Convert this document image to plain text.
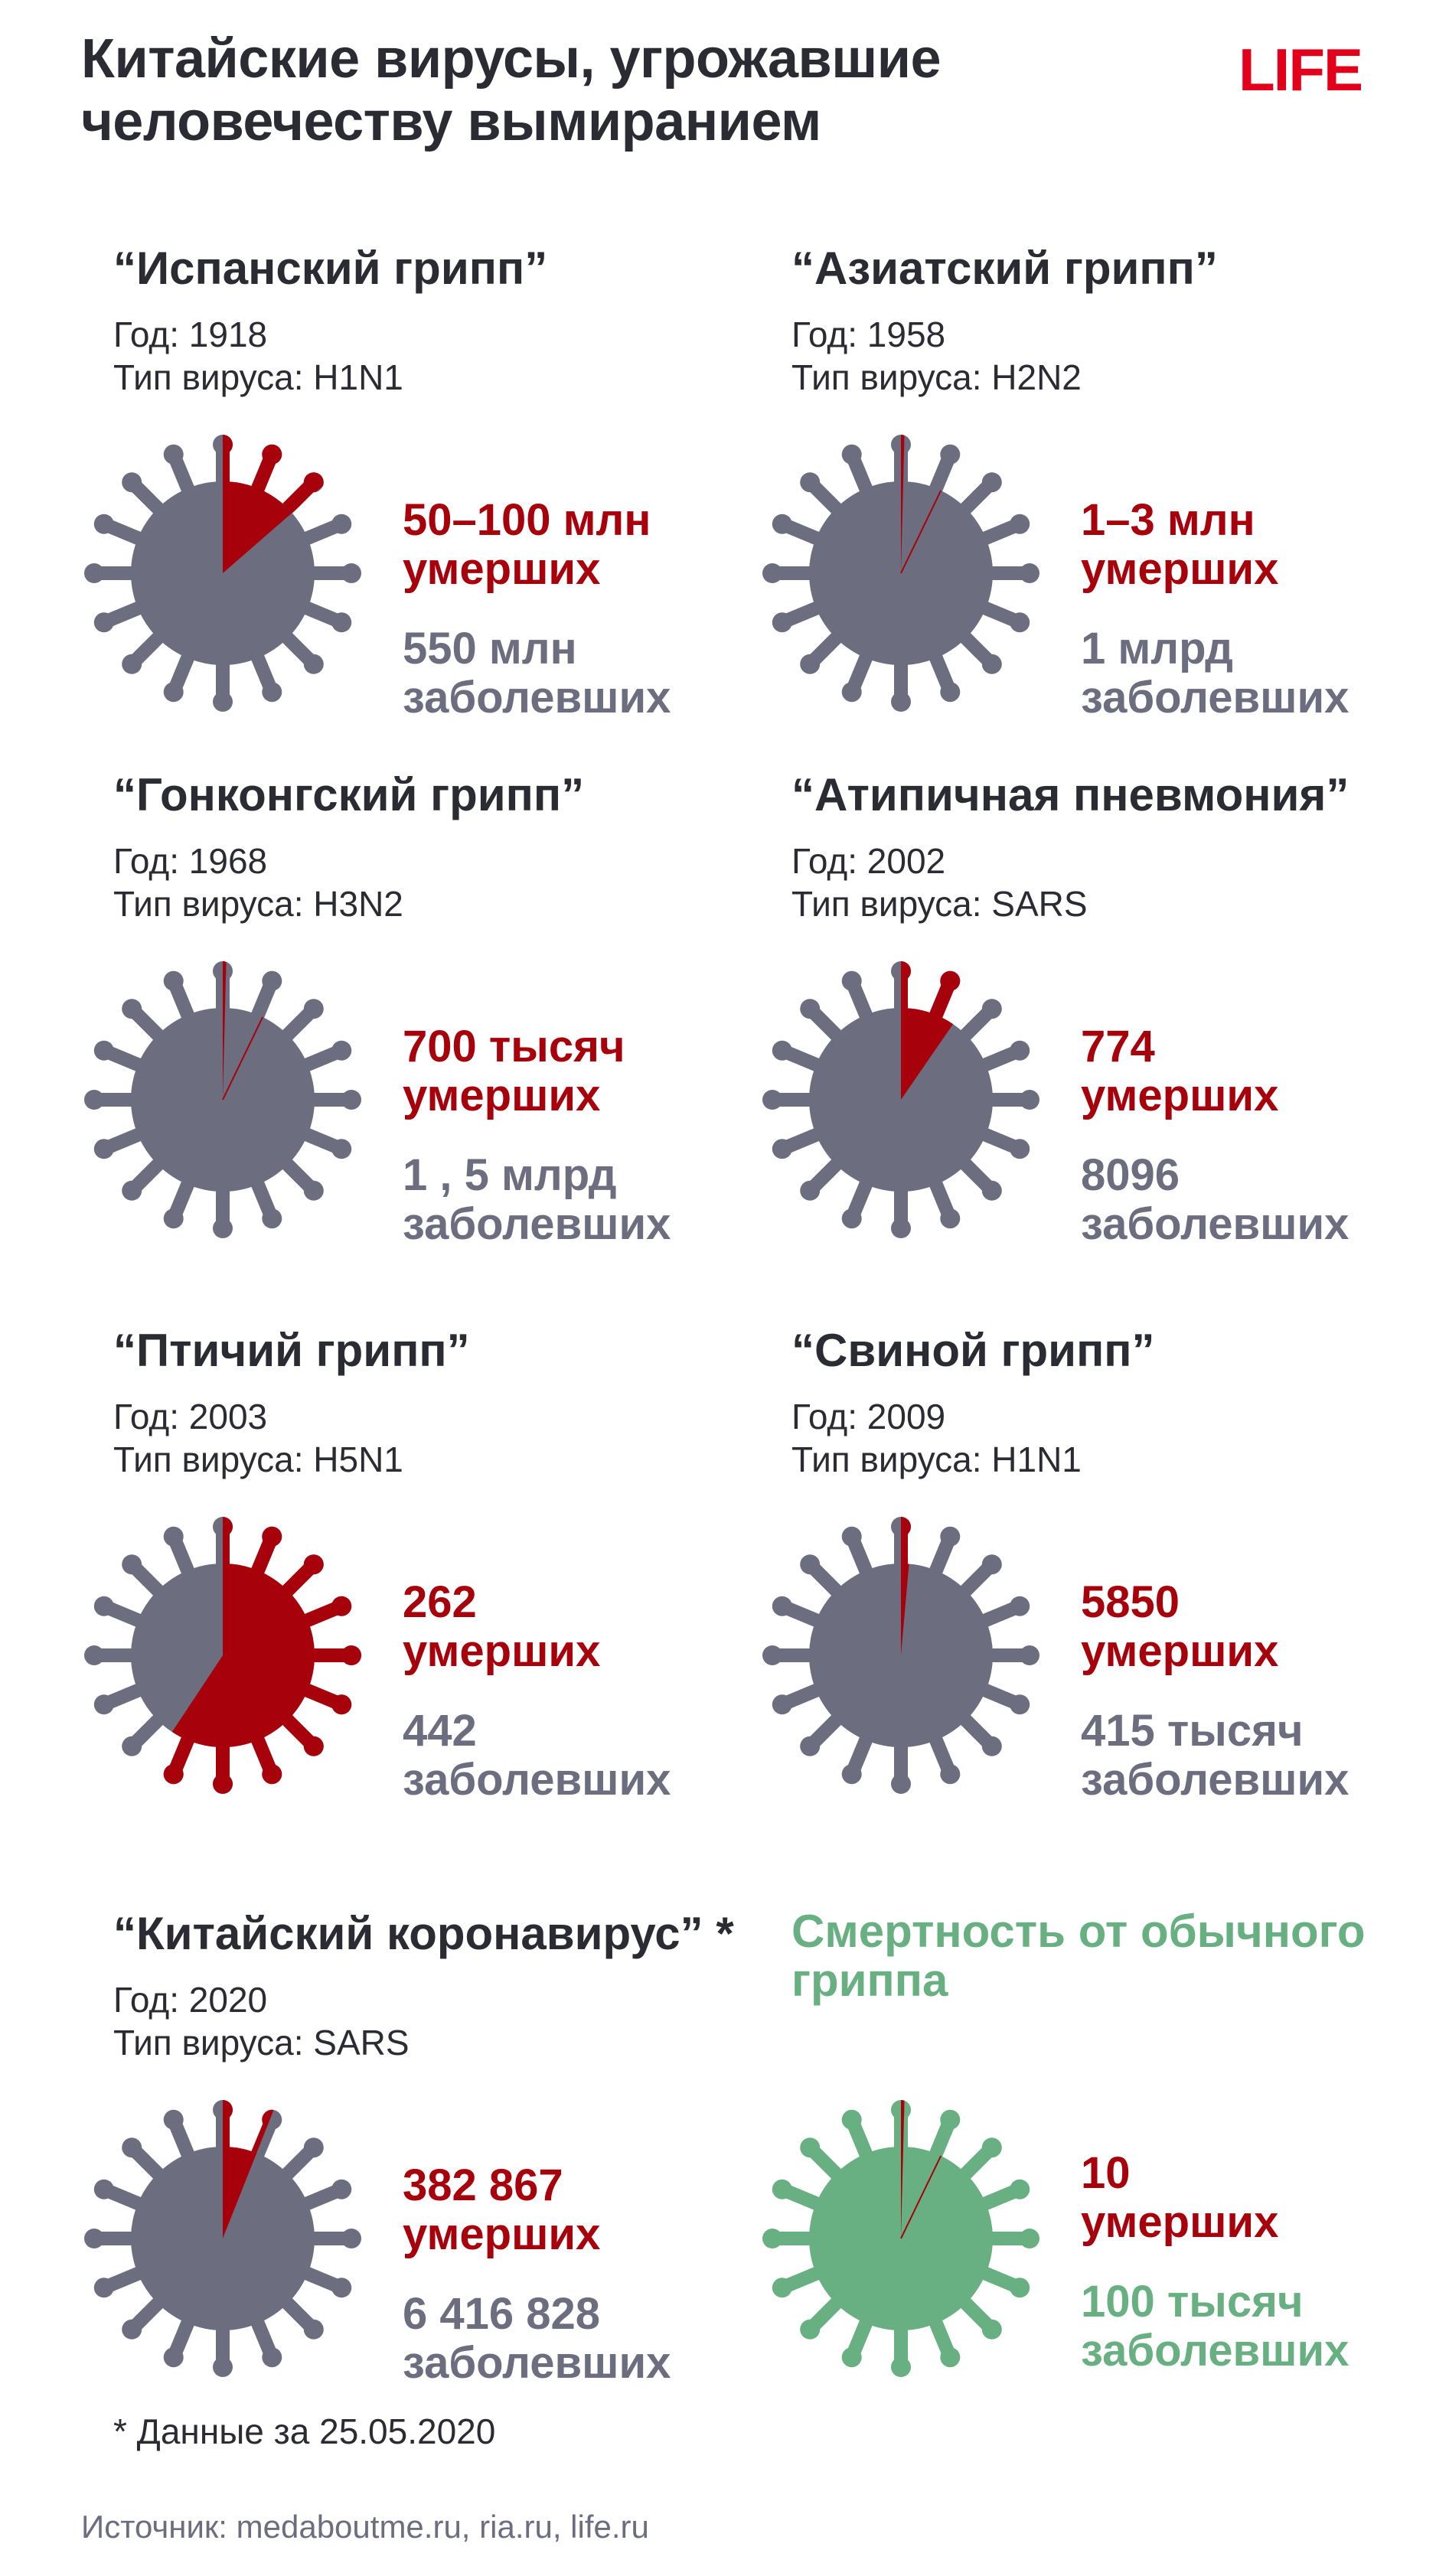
Китайские вирусы, угрожавшие человечеству вымиранием
LIFE
“Испанский грипп”
Год: 1918
Тип вируса: H1N1
50–100 млн
умерших
550 млн
заболевших
“Азиатский грипп”
Год: 1958
Тип вируса: H2N2
1–3 млн
умерших
1 млрд
заболевших
“Гонконгский грипп”
Год: 1968
Тип вируса: H3N2
700 тысяч
умерших
1 , 5 млрд
заболевших
“Атипичная пневмония”
Год: 2002
Тип вируса: SARS
774
умерших
8096
заболевших
“Птичий грипп”
Год: 2003
Тип вируса: H5N1
262
умерших
442
заболевших
“Свиной грипп”
Год: 2009
Тип вируса: H1N1
5850
умерших
415 тысяч
заболевших
“Китайский коронавирус” *
Год: 2020
Тип вируса: SARS
382 867
умерших
6 416 828
заболевших
Смертность от обычного гриппа
10
умерших
100 тысяч
заболевших
* Данные за 25.05.2020
Источник: medaboutme.ru, ria.ru, life.ru
